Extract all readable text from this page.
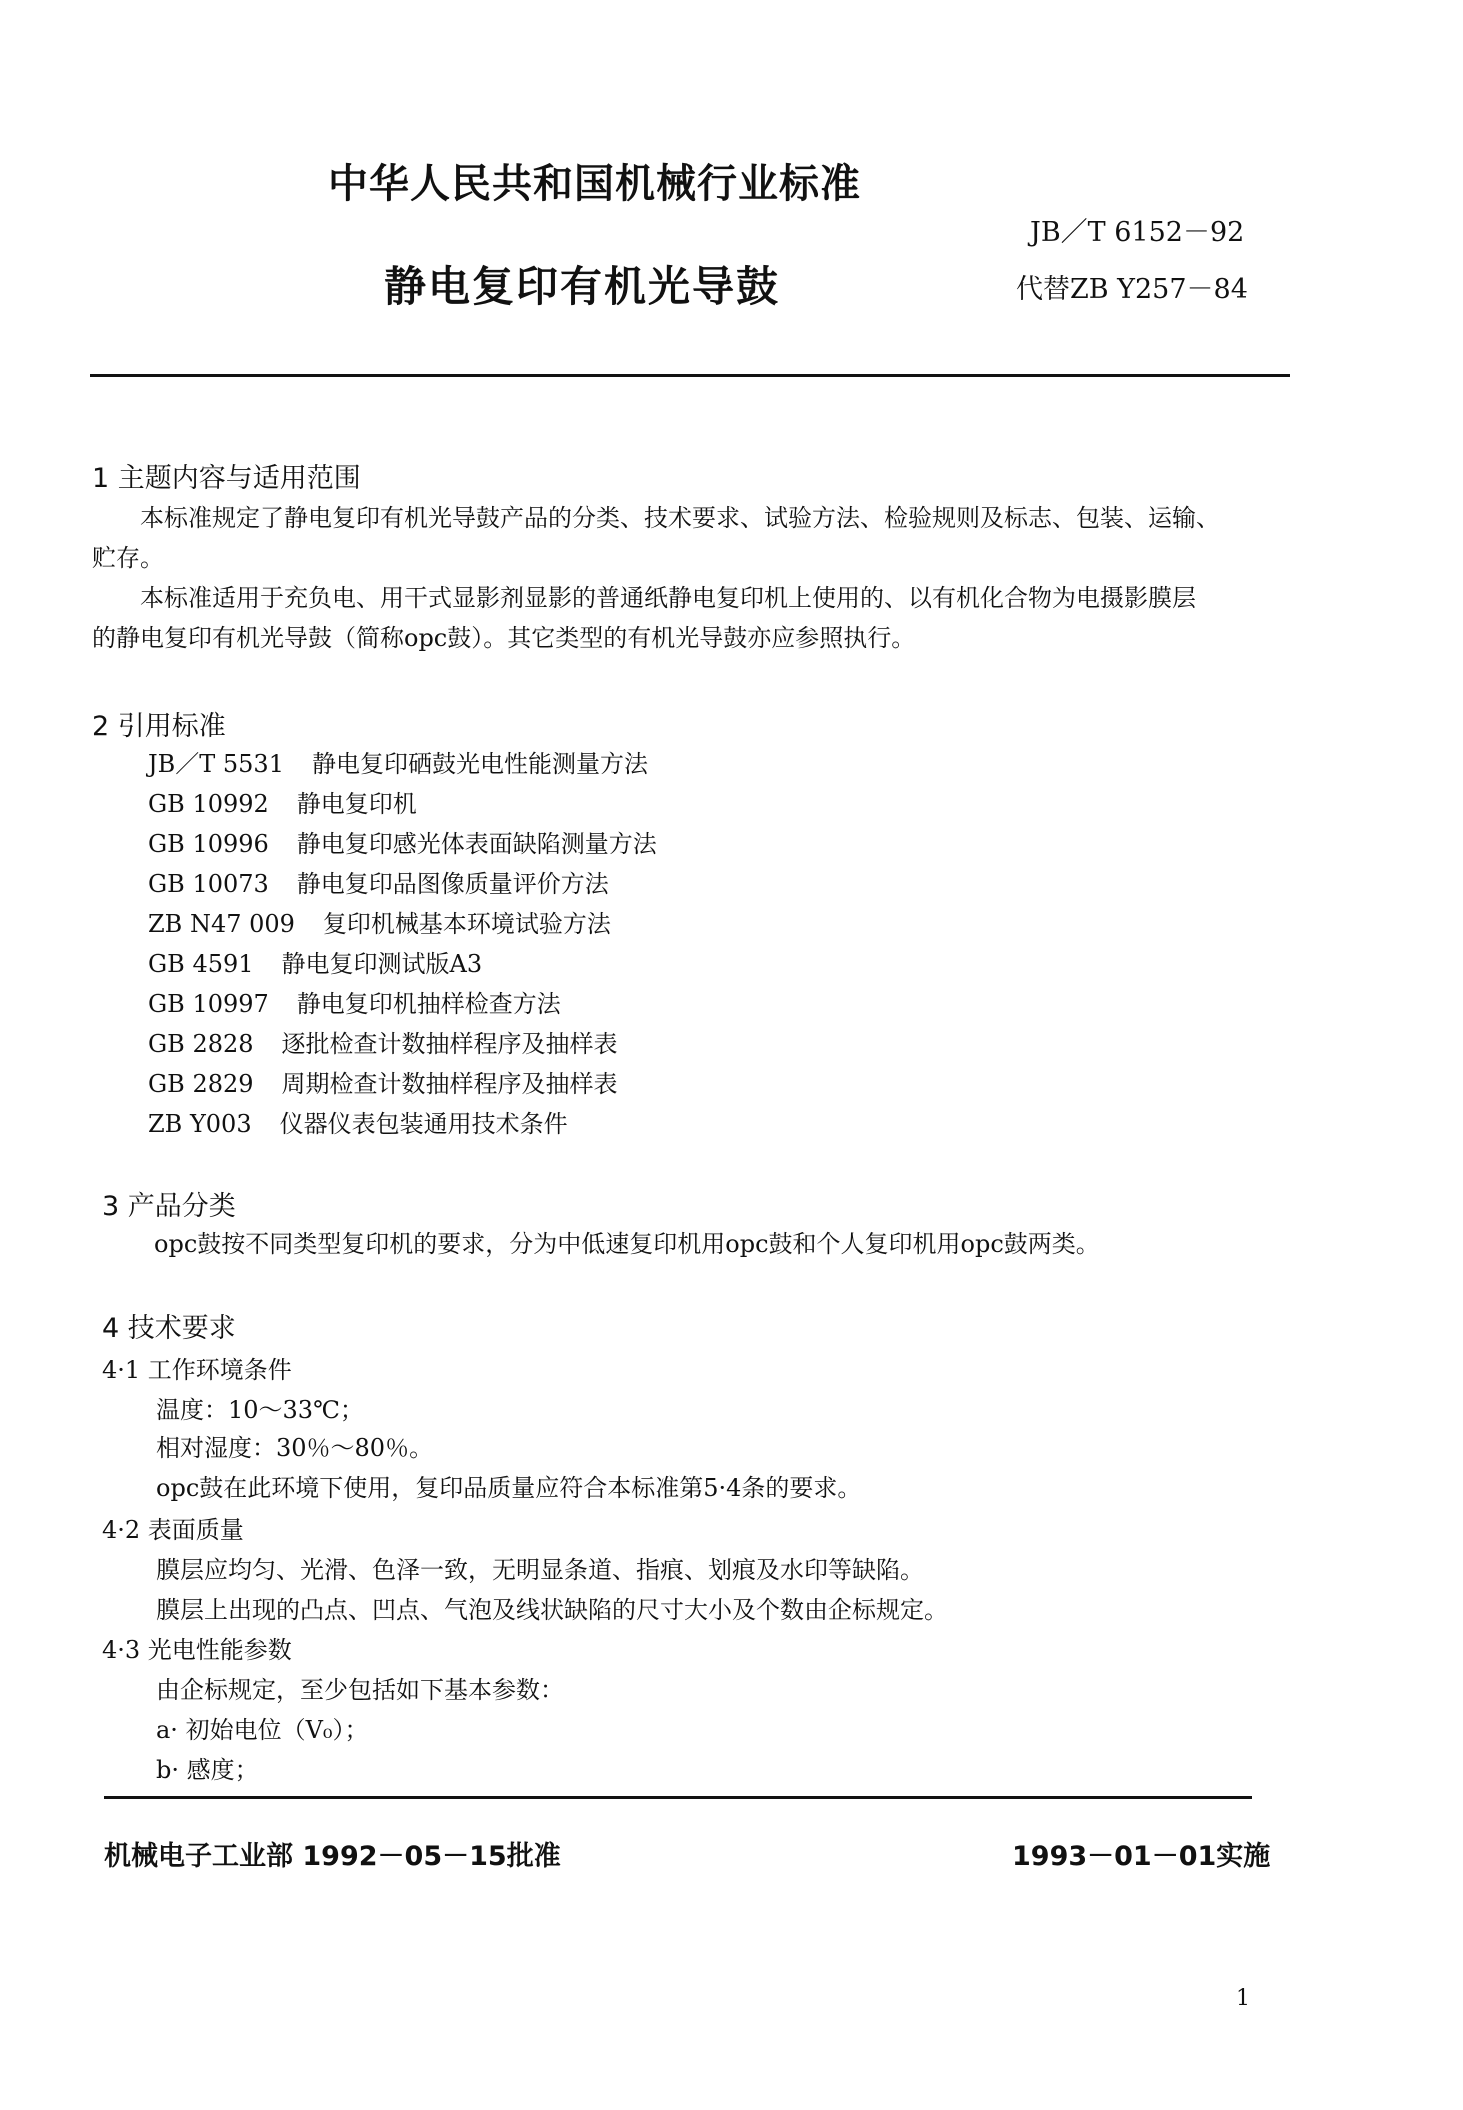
中华人民共和国机械行业标准
静电复印有机光导鼓
JB／T 6152－92
代替ZB Y257－84
1 主题内容与适用范围
本标准规定了静电复印有机光导鼓产品的分类、技术要求、试验方法、检验规则及标志、包装、运输、
贮存。
本标准适用于充负电、用干式显影剂显影的普通纸静电复印机上使用的、以有机化合物为电摄影膜层
的静电复印有机光导鼓（简称opc鼓）。其它类型的有机光导鼓亦应参照执行。
2 引用标准
JB／T 5531 静电复印硒鼓光电性能测量方法
GB 10992 静电复印机
GB 10996 静电复印感光体表面缺陷测量方法
GB 10073 静电复印品图像质量评价方法
ZB N47 009 复印机械基本环境试验方法
GB 4591 静电复印测试版A3
GB 10997 静电复印机抽样检查方法
GB 2828 逐批检查计数抽样程序及抽样表
GB 2829 周期检查计数抽样程序及抽样表
ZB Y003 仪器仪表包装通用技术条件
3 产品分类
opc鼓按不同类型复印机的要求，分为中低速复印机用opc鼓和个人复印机用opc鼓两类。
4 技术要求
4·1 工作环境条件
温度：10～33℃；
相对湿度：30％～80％。
opc鼓在此环境下使用，复印品质量应符合本标准第5·4条的要求。
4·2 表面质量
膜层应均匀、光滑、色泽一致，无明显条道、指痕、划痕及水印等缺陷。
膜层上出现的凸点、凹点、气泡及线状缺陷的尺寸大小及个数由企标规定。
4·3 光电性能参数
由企标规定，至少包括如下基本参数：
a· 初始电位（V₀）；
b· 感度；
机械电子工业部 1992－05－15批准	1993－01－01实施
1
